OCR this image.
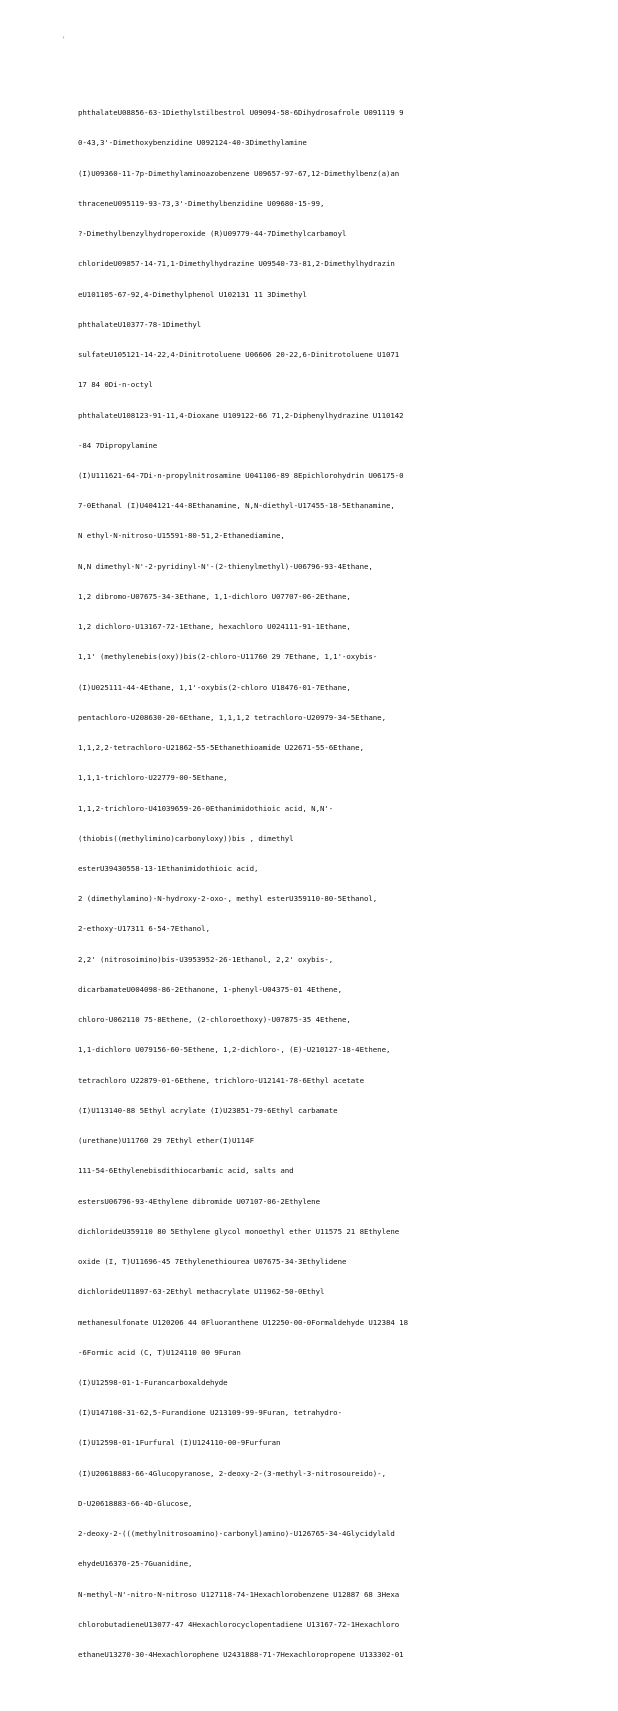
'

phthalateU08856-63-1Diethylstilbestrol U09094-58-6Dihydrosafrole U091119 9

0-43,3'-Dimethoxybenzidine U092124-40-3Dimethylamine

(I)U09360-11-7p-Dimethylaminoazobenzene U09657-97-67,12-Dimethylbenz(a)an

thraceneU095119-93-73,3'-Dimethylbenzidine U09680-15-99,

?-Dimethylbenzylhydroperoxide (R)U09779-44-7Dimethylcarbamoyl

chlorideU09857-14-71,1-Dimethylhydrazine U09540-73-81,2-Dimethylhydrazin

eU101105-67-92,4-Dimethylphenol U102131 11 3Dimethyl

phthalateU10377-78-1Dimethyl

sulfateU105121-14-22,4-Dinitrotoluene U06606 20-22,6-Dinitrotoluene U1071

17 84 0Di-n-octyl

phthalateU108123-91-11,4-Dioxane U109122-66 71,2-Diphenylhydrazine U110142

-84 7Dipropylamine

(I)U111621-64-7Di-n-propylnitrosamine U041106-89 8Epichlorohydrin U06175-0

7-0Ethanal (I)U404121-44-8Ethanamine, N,N-diethyl-U17455-18-5Ethanamine,

N ethyl-N-nitroso-U15591-80-51,2-Ethanediamine,

N,N dimethyl-N'-2-pyridinyl-N'-(2-thienylmethyl)-U06796-93-4Ethane,

1,2 dibromo-U07675-34-3Ethane, 1,1-dichloro U07707-06-2Ethane,

1,2 dichloro-U13167-72-1Ethane, hexachloro U024111-91-1Ethane,

1,1' (methylenebis(oxy))bis(2-chloro-U11760 29 7Ethane, 1,1'-oxybis-

(I)U025111-44-4Ethane, 1,1'-oxybis(2-chloro U18476-01-7Ethane,

pentachloro-U208630-20-6Ethane, 1,1,1,2 tetrachloro-U20979-34-5Ethane,

1,1,2,2-tetrachloro-U21862-55-5Ethanethioamide U22671-55-6Ethane,

1,1,1-trichloro-U22779-00-5Ethane,

1,1,2-trichloro-U41039659-26-0Ethanimidothioic acid, N,N'-

(thiobis((methylimino)carbonyloxy))bis , dimethyl

esterU39430558-13-1Ethanimidothioic acid,

2 (dimethylamino)-N-hydroxy-2-oxo-, methyl esterU359110-80-5Ethanol,

2-ethoxy-U17311 6-54-7Ethanol,

2,2' (nitrosoimino)bis-U3953952-26-1Ethanol, 2,2' oxybis-,

dicarbamateU004098-86-2Ethanone, 1-phenyl-U04375-01 4Ethene,

chloro-U062110 75-8Ethene, (2-chloroethoxy)-U07875-35 4Ethene,

1,1-dichloro U079156-60-5Ethene, 1,2-dichloro-, (E)-U210127-18-4Ethene,

tetrachloro U22879-01-6Ethene, trichloro-U12141-78-6Ethyl acetate

(I)U113140-88 5Ethyl acrylate (I)U23851-79-6Ethyl carbamate

(urethane)U11760 29 7Ethyl ether(I)U114F

111-54-6Ethylenebisdithiocarbamic acid, salts and

estersU06796-93-4Ethylene dibromide U07107-06-2Ethylene

dichlorideU359110 80 5Ethylene glycol monoethyl ether U11575 21 8Ethylene

oxide (I, T)U11696-45 7Ethylenethiourea U07675-34-3Ethylidene

dichlorideU11897-63-2Ethyl methacrylate U11962-50-0Ethyl

methanesulfonate U120206 44 0Fluoranthene U12250-00-0Formaldehyde U12384 18

-6Formic acid (C, T)U124110 00 9Furan

(I)U12598-01-1-Furancarboxaldehyde

(I)U147108-31-62,5-Furandione U213109-99-9Furan, tetrahydro-

(I)U12598-01-1Furfural (I)U124110-00-9Furfuran

(I)U20618883-66-4Glucopyranose, 2-deoxy-2-(3-methyl-3-nitrosoureido)-,

D-U20618883-66-4D-Glucose,

2-deoxy-2-(((methylnitrosoamino)-carbonyl)amino)-U126765-34-4Glycidylald

ehydeU16370-25-7Guanidine,

N-methyl-N'-nitro-N-nitroso U127118-74-1Hexachlorobenzene U12887 68 3Hexa

chlorobutadieneU13077-47 4Hexachlorocyclopentadiene U13167-72-1Hexachloro

ethaneU13270-30-4Hexachlorophene U2431888-71-7Hexachloropropene U133302-01
